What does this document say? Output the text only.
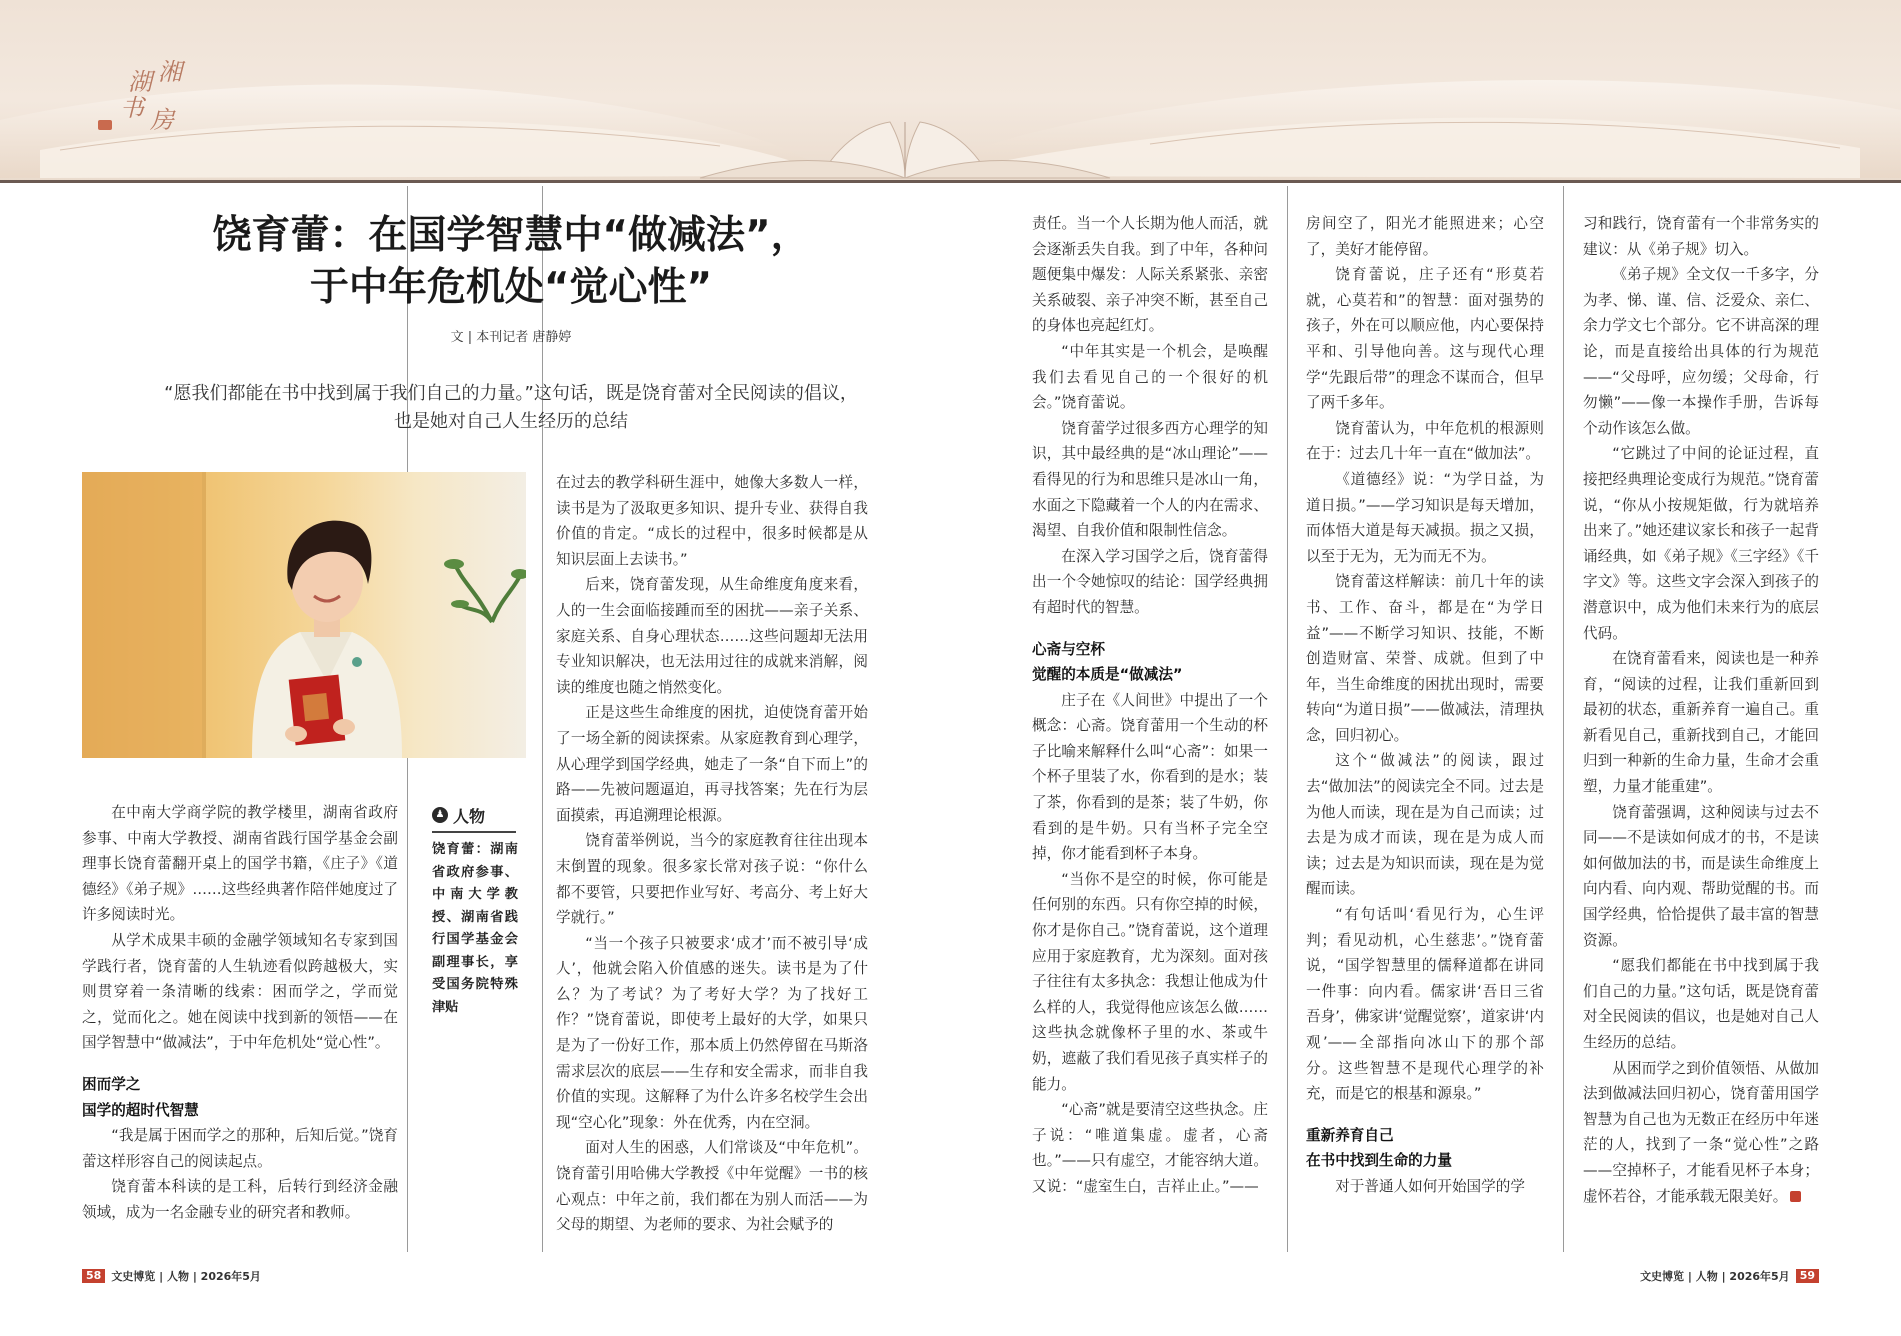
湖 湘
书 房
饶育蕾：在国学智慧中“做减法”，
于中年危机处“觉心性”
文 | 本刊记者 唐静婷
“愿我们都能在书中找到属于我们自己的力量。”这句话，既是饶育蕾对全民阅读的倡议，
也是她对自己人生经历的总结

在中南大学商学院的教学楼里，湖南省政府参事、中南大学教授、湖南省践行国学基金会副理事长饶育蕾翻开桌上的国学书籍，《庄子》《道德经》《弟子规》……这些经典著作陪伴她度过了许多阅读时光。

从学术成果丰硕的金融学领域知名专家到国学践行者，饶育蕾的人生轨迹看似跨越极大，实则贯穿着一条清晰的线索：困而学之，学而觉之，觉而化之。她在阅读中找到新的领悟——在国学智慧中“做减法”，于中年危机处“觉心性”。

困而学之

国学的超时代智慧

“我是属于困而学之的那种，后知后觉。”饶育蕾这样形容自己的阅读起点。

饶育蕾本科读的是工科，后转行到经济金融领域，成为一名金融专业的研究者和教师。

♟ 人物
饶育蕾：湖南省政府参事、中南大学教授、湖南省践行国学基金会副理事长，享受国务院特殊津贴

在过去的教学科研生涯中，她像大多数人一样，读书是为了汲取更多知识、提升专业、获得自我价值的肯定。“成长的过程中，很多时候都是从知识层面上去读书。”

后来，饶育蕾发现，从生命维度角度来看，人的一生会面临接踵而至的困扰——亲子关系、家庭关系、自身心理状态……这些问题却无法用专业知识解决，也无法用过往的成就来消解，阅读的维度也随之悄然变化。

正是这些生命维度的困扰，迫使饶育蕾开始了一场全新的阅读探索。从家庭教育到心理学，从心理学到国学经典，她走了一条“自下而上”的路——先被问题逼迫，再寻找答案；先在行为层面摸索，再追溯理论根源。

饶育蕾举例说，当今的家庭教育往往出现本末倒置的现象。很多家长常对孩子说：“你什么都不要管，只要把作业写好、考高分、考上好大学就行。”

“当一个孩子只被要求‘成才’而不被引导‘成人’，他就会陷入价值感的迷失。读书是为了什么？为了考试？为了考好大学？为了找好工作？”饶育蕾说，即使考上最好的大学，如果只是为了一份好工作，那本质上仍然停留在马斯洛需求层次的底层——生存和安全需求，而非自我价值的实现。这解释了为什么许多名校学生会出现“空心化”现象：外在优秀，内在空洞。

面对人生的困惑，人们常谈及“中年危机”。饶育蕾引用哈佛大学教授《中年觉醒》一书的核心观点：中年之前，我们都在为别人而活——为父母的期望、为老师的要求、为社会赋予的

责任。当一个人长期为他人而活，就会逐渐丢失自我。到了中年，各种问题便集中爆发：人际关系紧张、亲密关系破裂、亲子冲突不断，甚至自己的身体也亮起红灯。

“中年其实是一个机会，是唤醒我们去看见自己的一个很好的机会。”饶育蕾说。

饶育蕾学过很多西方心理学的知识，其中最经典的是“冰山理论”——看得见的行为和思维只是冰山一角，水面之下隐藏着一个人的内在需求、渴望、自我价值和限制性信念。

在深入学习国学之后，饶育蕾得出一个令她惊叹的结论：国学经典拥有超时代的智慧。

心斋与空杯

觉醒的本质是“做减法”

庄子在《人间世》中提出了一个概念：心斋。饶育蕾用一个生动的杯子比喻来解释什么叫“心斋”：如果一个杯子里装了水，你看到的是水；装了茶，你看到的是茶；装了牛奶，你看到的是牛奶。只有当杯子完全空掉，你才能看到杯子本身。

“当你不是空的时候，你可能是任何别的东西。只有你空掉的时候，你才是你自己。”饶育蕾说，这个道理应用于家庭教育，尤为深刻。面对孩子往往有太多执念：我想让他成为什么样的人，我觉得他应该怎么做……这些执念就像杯子里的水、茶或牛奶，遮蔽了我们看见孩子真实样子的能力。

“心斋”就是要清空这些执念。庄子说：“唯道集虚。虚者，心斋也。”——只有虚空，才能容纳大道。又说：“虚室生白，吉祥止止。”——

房间空了，阳光才能照进来；心空了，美好才能停留。

饶育蕾说，庄子还有“形莫若就，心莫若和”的智慧：面对强势的孩子，外在可以顺应他，内心要保持平和、引导他向善。这与现代心理学“先跟后带”的理念不谋而合，但早了两千多年。

饶育蕾认为，中年危机的根源则在于：过去几十年一直在“做加法”。

《道德经》说：“为学日益，为道日损。”——学习知识是每天增加，而体悟大道是每天减损。损之又损，以至于无为，无为而无不为。

饶育蕾这样解读：前几十年的读书、工作、奋斗，都是在“为学日益”——不断学习知识、技能，不断创造财富、荣誉、成就。但到了中年，当生命维度的困扰出现时，需要转向“为道日损”——做减法，清理执念，回归初心。

这个“做减法”的阅读，跟过去“做加法”的阅读完全不同。过去是为他人而读，现在是为自己而读；过去是为成才而读，现在是为成人而读；过去是为知识而读，现在是为觉醒而读。

“有句话叫‘看见行为，心生评判；看见动机，心生慈悲’。”饶育蕾说，“国学智慧里的儒释道都在讲同一件事：向内看。儒家讲‘吾日三省吾身’，佛家讲‘觉醒觉察’，道家讲‘内观’——全部指向冰山下的那个部分。这些智慧不是现代心理学的补充，而是它的根基和源泉。”

重新养育自己

在书中找到生命的力量

对于普通人如何开始国学的学

习和践行，饶育蕾有一个非常务实的建议：从《弟子规》切入。

《弟子规》全文仅一千多字，分为孝、悌、谨、信、泛爱众、亲仁、余力学文七个部分。它不讲高深的理论，而是直接给出具体的行为规范——“父母呼，应勿缓；父母命，行勿懒”——像一本操作手册，告诉每个动作该怎么做。

“它跳过了中间的论证过程，直接把经典理论变成行为规范。”饶育蕾说，“你从小按规矩做，行为就培养出来了。”她还建议家长和孩子一起背诵经典，如《弟子规》《三字经》《千字文》等。这些文字会深入到孩子的潜意识中，成为他们未来行为的底层代码。

在饶育蕾看来，阅读也是一种养育，“阅读的过程，让我们重新回到最初的状态，重新养育一遍自己。重新看见自己，重新找到自己，才能回归到一种新的生命力量，生命才会重塑，力量才能重建”。

饶育蕾强调，这种阅读与过去不同——不是读如何成才的书，不是读如何做加法的书，而是读生命维度上向内看、向内观、帮助觉醒的书。而国学经典，恰恰提供了最丰富的智慧资源。

“愿我们都能在书中找到属于我们自己的力量。”这句话，既是饶育蕾对全民阅读的倡议，也是她对自己人生经历的总结。

从困而学之到价值领悟、从做加法到做减法回归初心，饶育蕾用国学智慧为自己也为无数正在经历中年迷茫的人，找到了一条“觉心性”之路——空掉杯子，才能看见杯子本身；虚怀若谷，才能承载无限美好。

58 文史博览 | 人物 | 2026年5月	文史博览 | 人物 | 2026年5月 59
